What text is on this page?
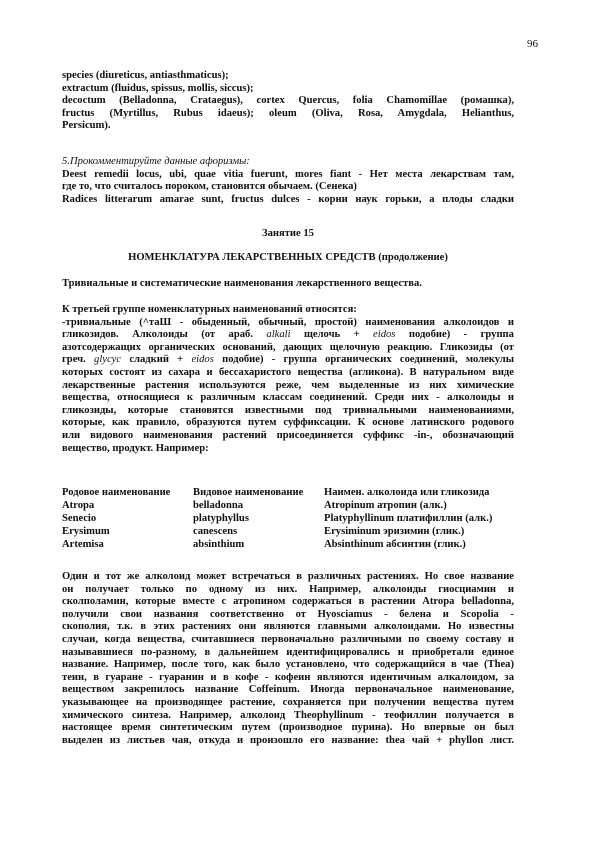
96
species (diureticus, antiasthmaticus);
extractum (fluidus, spissus, mollis, siccus);
decoctum (Belladonna, Crataegus), cortex Quercus, folia Chamomillae (ромашка),
fructus (Myrtillus, Rubus idaeus); oleum (Oliva, Rosa, Amygdala, Helianthus,
Persicum).
5.Прокомментируйте данные афоризмы:
Deest remedii locus, ubi, quae vitia fuerunt, mores fiant - Нет места лекарствам там,
где то, что считалось пороком, становится обычаем. (Сенека)
Radices litterarum amarae sunt, fructus dulces - корни наук горьки, а плоды сладки
Занятие 15
НОМЕНКЛАТУРА ЛЕКАРСТВЕННЫХ СРЕДСТВ (продолжение)
Тривиальные и систематические наименования лекарственного вещества.
К третьей группе номенклатурных наименований относятся:
-тривиальные (^таШ - обыденный, обычный, простой) наименования алколоидов и
гликозидов. Алколоиды (от араб. alkali щелочь + eidos подобие) - группа
азотсодержащих органических оснований, дающих щелочную реакцию. Гликозиды (от
греч. glycyc сладкий + eidos подобие) - группа органических соединений, молекулы
которых состоят из сахара и бессахаристого вещества (агликона). В натуральном виде
лекарственные растения используются реже, чем выделенные из них химические
вещества, относящиеся к различным классам соединений. Среди них - алколоиды и
гликозиды, которые становятся известными под тривиальными наименованиями,
которые, как правило, образуются путем суффиксации. К основе латинского родового
или видового наименования растений присоединяется суффикс -in-, обозначающий
вещество, продукт. Например:
Родовое наименование	Видовое наименование	Наимен. алколоида или гликозида
Atropa	belladonna	Atropinum атропин (алк.)
Senecio	platyphyllus	Platyphyllinum платифиллин (алк.)
Erysimum	canescens	Erysiminum эризимин (глик.)
Artemisa	absinthium	Absinthinum абсинтин (глик.)
Один и тот же алколоид может встречаться в различных растениях. Но свое название
он получает только по одному из них. Например, алколоиды гиосциамин и
сколполамин, которые вместе с атропином содержаться в растении Atropa belladonna,
получили свои названия соответственно от Hyosciamus - белена и Scopolia -
скополия, т.к. в этих растениях они являются главными алколоидами. Но известны
случаи, когда вещества, считавшиеся первоначально различными по своему составу и
называвшиеся по-разному, в дальнейшем идентифицировались и приобретали единое
название. Например, после того, как было установлено, что содержащийся в чае (Thea)
теин, в гуаране - гуаранин и в кофе - кофеин являются идентичным алкалоидом, за
веществом закрепилось название Coffeinum. Иногда первоначальное наименование,
указывающее на производящее растение, сохраняется при получении вещества путем
химического синтеза. Например, алколоид Theophyllinum - теофиллин получается в
настоящее время синтетическим путем (производное пурина). Но впервые он был
выделен из листьев чая, откуда и произошло его название: thea чай + phyllon лист.
